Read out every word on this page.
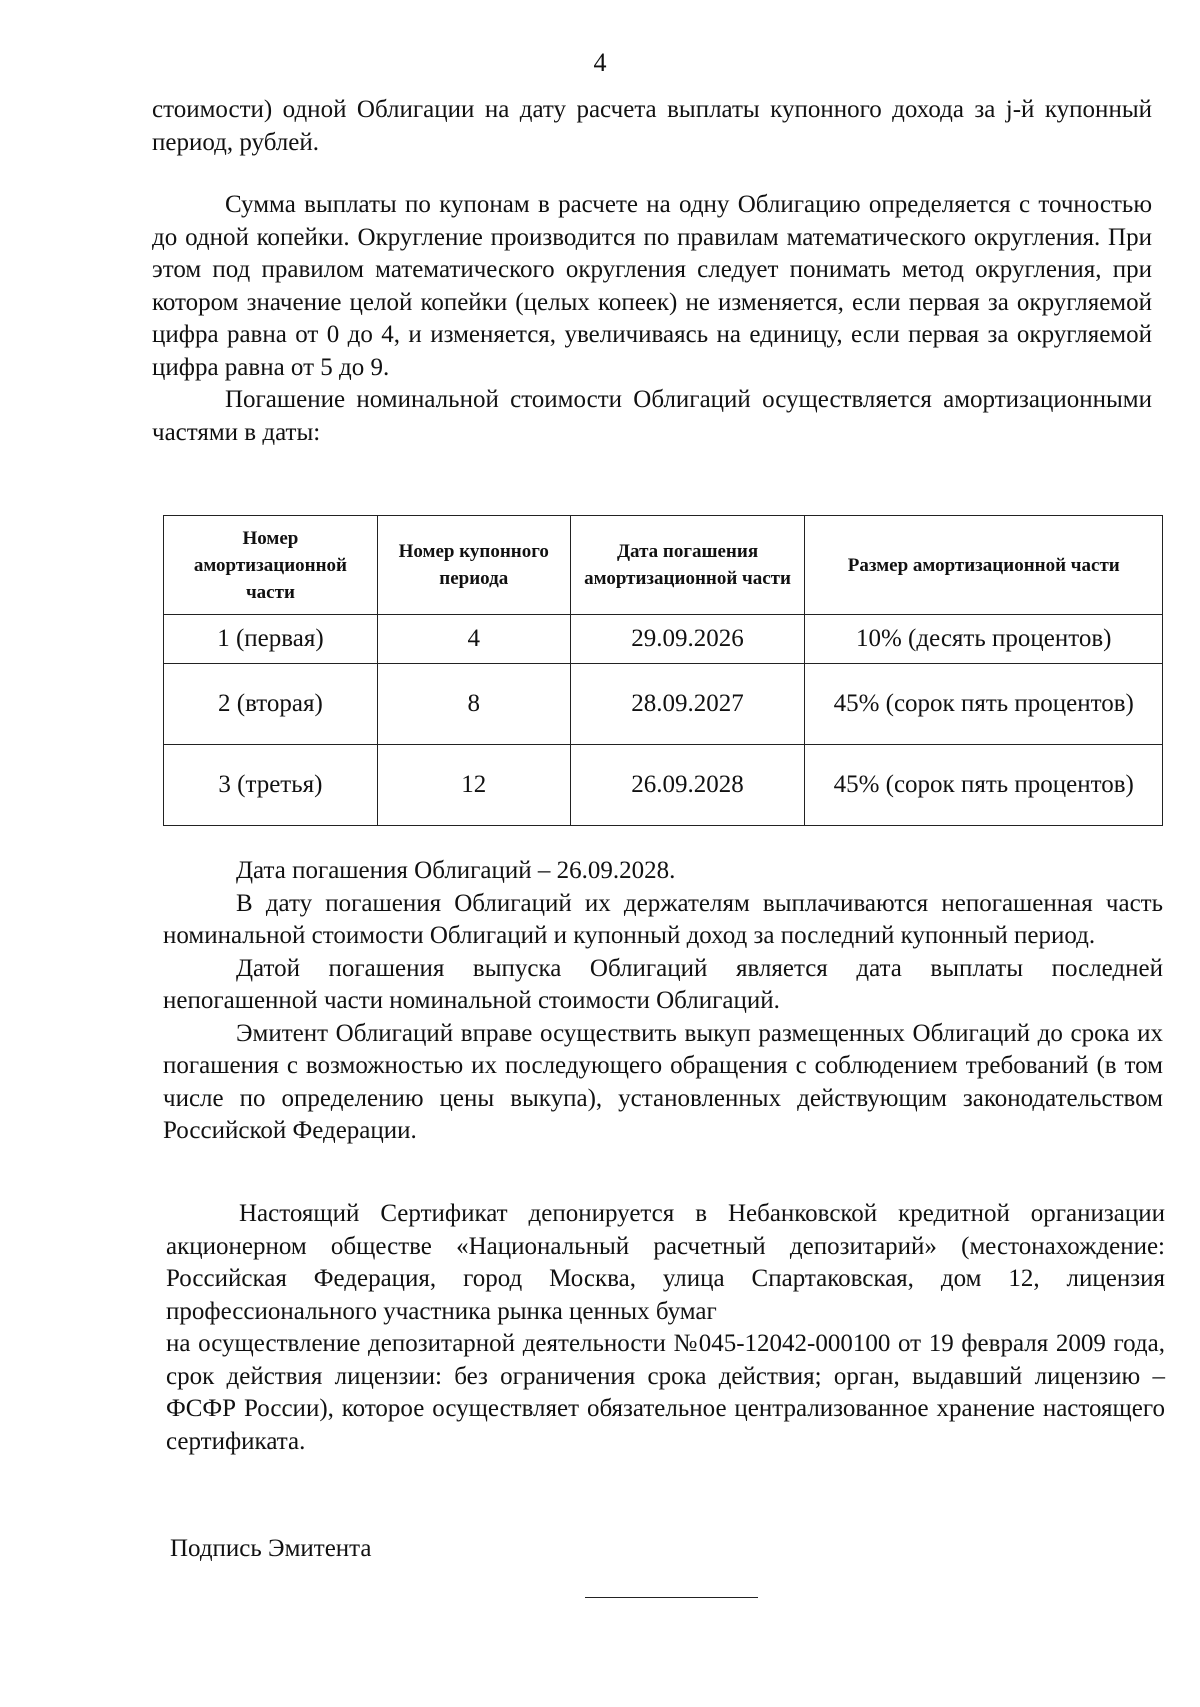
4

стоимости) одной Облигации на дату расчета выплаты купонного дохода за j-й купонный период, рублей.

Сумма выплаты по купонам в расчете на одну Облигацию определяется с точностью до одной копейки. Округление производится по правилам математического округления. При этом под правилом математического округления следует понимать метод округления, при котором значение целой копейки (целых копеек) не изменяется, если первая за округляемой цифра равна от 0 до 4, и изменяется, увеличиваясь на единицу, если первая за округляемой цифра равна от 5 до 9.

Погашение номинальной стоимости Облигаций осуществляется амортизационными частями в даты:

Номер амортизационной части	Номер купонного периода	Дата погашения амортизационной части	Размер амортизационной части
1 (первая)	4	29.09.2026	10% (десять процентов)
2 (вторая)	8	28.09.2027	45% (сорок пять процентов)
3 (третья)	12	26.09.2028	45% (сорок пять процентов)

Дата погашения Облигаций – 26.09.2028.

В дату погашения Облигаций их держателям выплачиваются непогашенная часть номинальной стоимости Облигаций и купонный доход за последний купонный период.

Датой погашения выпуска Облигаций является дата выплаты последней непогашенной части номинальной стоимости Облигаций.

Эмитент Облигаций вправе осуществить выкуп размещенных Облигаций до срока их погашения с возможностью их последующего обращения с соблюдением требований (в том числе по определению цены выкупа), установленных действующим законодательством Российской Федерации.

Настоящий Сертификат депонируется в Небанковской кредитной организации акционерном обществе «Национальный расчетный депозитарий» (местонахождение: Российская Федерация, город Москва, улица Спартаковская, дом 12, лицензия профессионального участника рынка ценных бумаг

на осуществление депозитарной деятельности №045-12042-000100 от 19 февраля 2009 года, срок действия лицензии: без ограничения срока действия; орган, выдавший лицензию – ФСФР России), которое осуществляет обязательное централизованное хранение настоящего сертификата.

Подпись Эмитента
